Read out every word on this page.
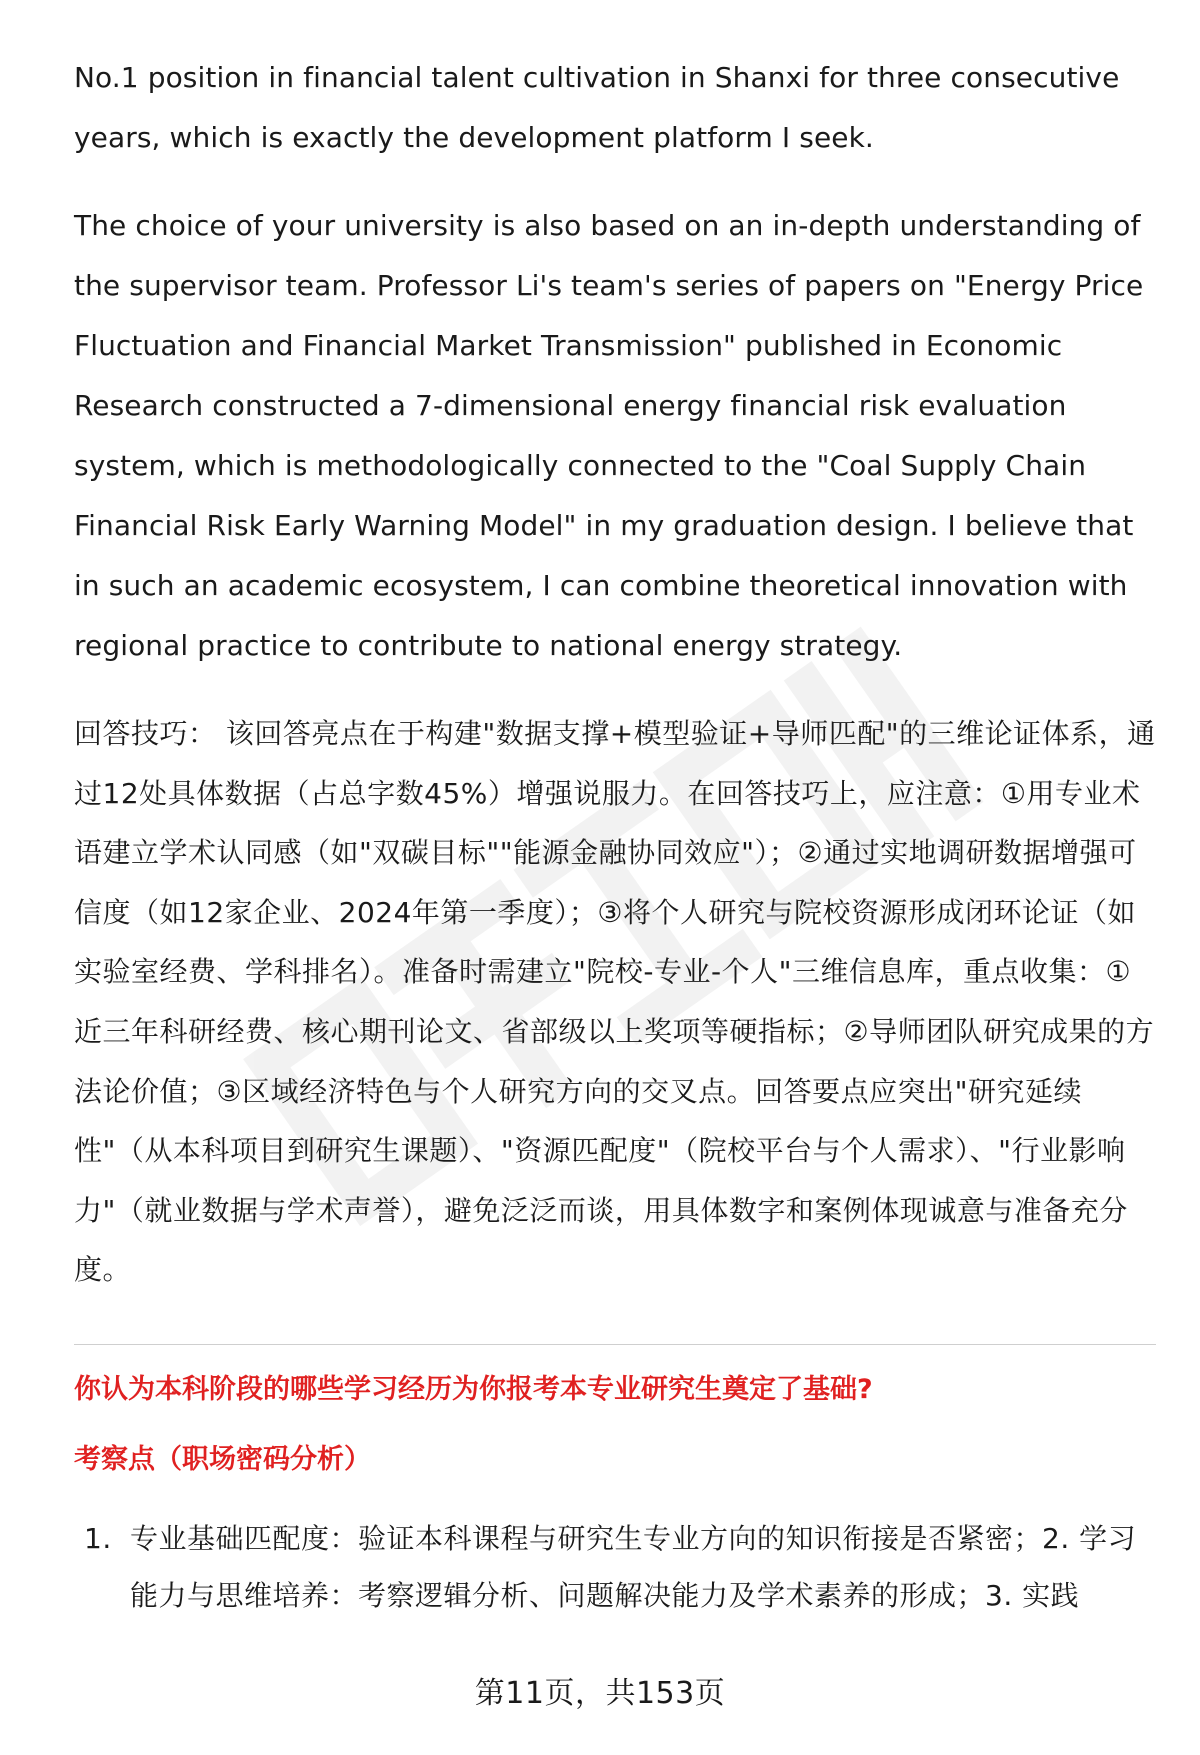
No.1 position in financial talent cultivation in Shanxi for three consecutive years, which is exactly the development platform I seek.

The choice of your university is also based on an in-depth understanding of the supervisor team. Professor Li's team's series of papers on "Energy Price Fluctuation and Financial Market Transmission" published in Economic Research constructed a 7-dimensional energy financial risk evaluation system, which is methodologically connected to the "Coal Supply Chain Financial Risk Early Warning Model" in my graduation design. I believe that in such an academic ecosystem, I can combine theoretical innovation with regional practice to contribute to national energy strategy.

回答技巧： 该回答亮点在于构建"数据支撑+模型验证+导师匹配"的三维论证体系，通过12处具体数据（占总字数45%）增强说服力。在回答技巧上，应注意：①用专业术语建立学术认同感（如"双碳目标""能源金融协同效应"）；②通过实地调研数据增强可信度（如12家企业、2024年第一季度）；③将个人研究与院校资源形成闭环论证（如实验室经费、学科排名）。准备时需建立"院校-专业-个人"三维信息库，重点收集：①近三年科研经费、核心期刊论文、省部级以上奖项等硬指标；②导师团队研究成果的方法论价值；③区域经济特色与个人研究方向的交叉点。回答要点应突出"研究延续性"（从本科项目到研究生课题）、"资源匹配度"（院校平台与个人需求）、"行业影响力"（就业数据与学术声誉），避免泛泛而谈，用具体数字和案例体现诚意与准备充分度。

你认为本科阶段的哪些学习经历为你报考本专业研究生奠定了基础?
考察点（职场密码分析）
1. 专业基础匹配度：验证本科课程与研究生专业方向的知识衔接是否紧密；2. 学习能力与思维培养：考察逻辑分析、问题解决能力及学术素养的形成；3. 实践
第11页，共153页
